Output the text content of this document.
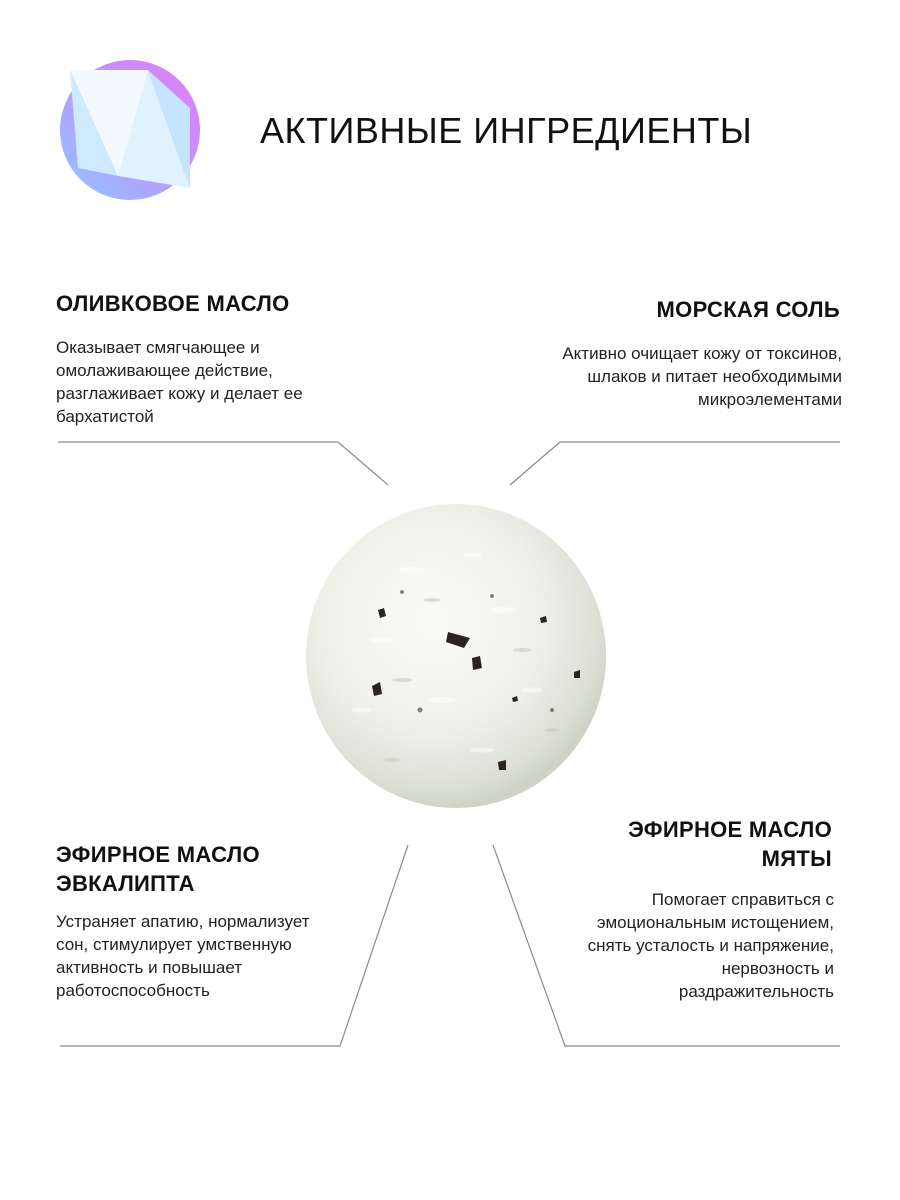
АКТИВНЫЕ ИНГРЕДИЕНТЫ
ОЛИВКОВОЕ МАСЛО

Оказывает смягчающее и омолаживающее действие, разглаживает кожу и делает ее бархатистой

МОРСКАЯ СОЛЬ

Активно очищает кожу от токсинов, шлаков и питает необходимыми микроэлементами

ЭФИРНОЕ МАСЛО ЭВКАЛИПТА

Устраняет апатию, нормализует сон, стимулирует умственную активность и повышает работоспособность

ЭФИРНОЕ МАСЛО МЯТЫ

Помогает справиться с эмоциональным истощением, снять усталость и напряжение, нервозность и раздражительность
